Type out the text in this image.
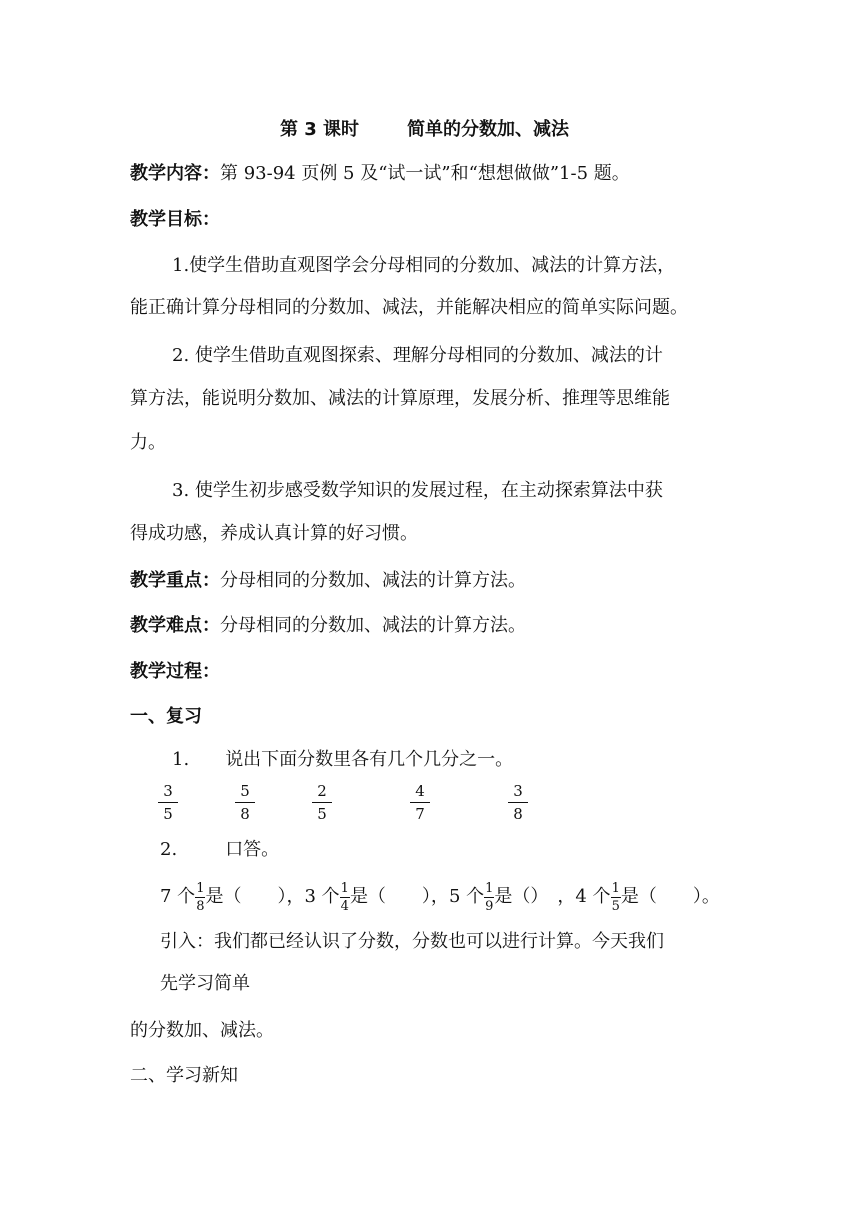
第 3 课时	简单的分数加、减法
教学内容：第 93-94 页例 5 及“试一试”和“想想做做”1-5 题。
教学目标：
1.使学生借助直观图学会分母相同的分数加、减法的计算方法，
能正确计算分母相同的分数加、减法，并能解决相应的简单实际问题。
2. 使学生借助直观图探索、理解分母相同的分数加、减法的计
算方法，能说明分数加、减法的计算原理，发展分析、推理等思维能
力。
3. 使学生初步感受数学知识的发展过程，在主动探索算法中获
得成功感，养成认真计算的好习惯。
教学重点：分母相同的分数加、减法的计算方法。
教学难点：分母相同的分数加、减法的计算方法。
教学过程：
一、复习
1. 说出下面分数里各有几个几分之一。
3
5
5
8
2
5
4
7
3
8
2.	口答。
7 个 $\frac{1}{8}$ 是（　　），3 个 $\frac{1}{4}$ 是（　　），5 个 $\frac{1}{9}$ 是（）　，4 个 $\frac{1}{5}$ 是（　　）。
引入：我们都已经认识了分数，分数也可以进行计算。今天我们
先学习简单
的分数加、减法。
二、学习新知
